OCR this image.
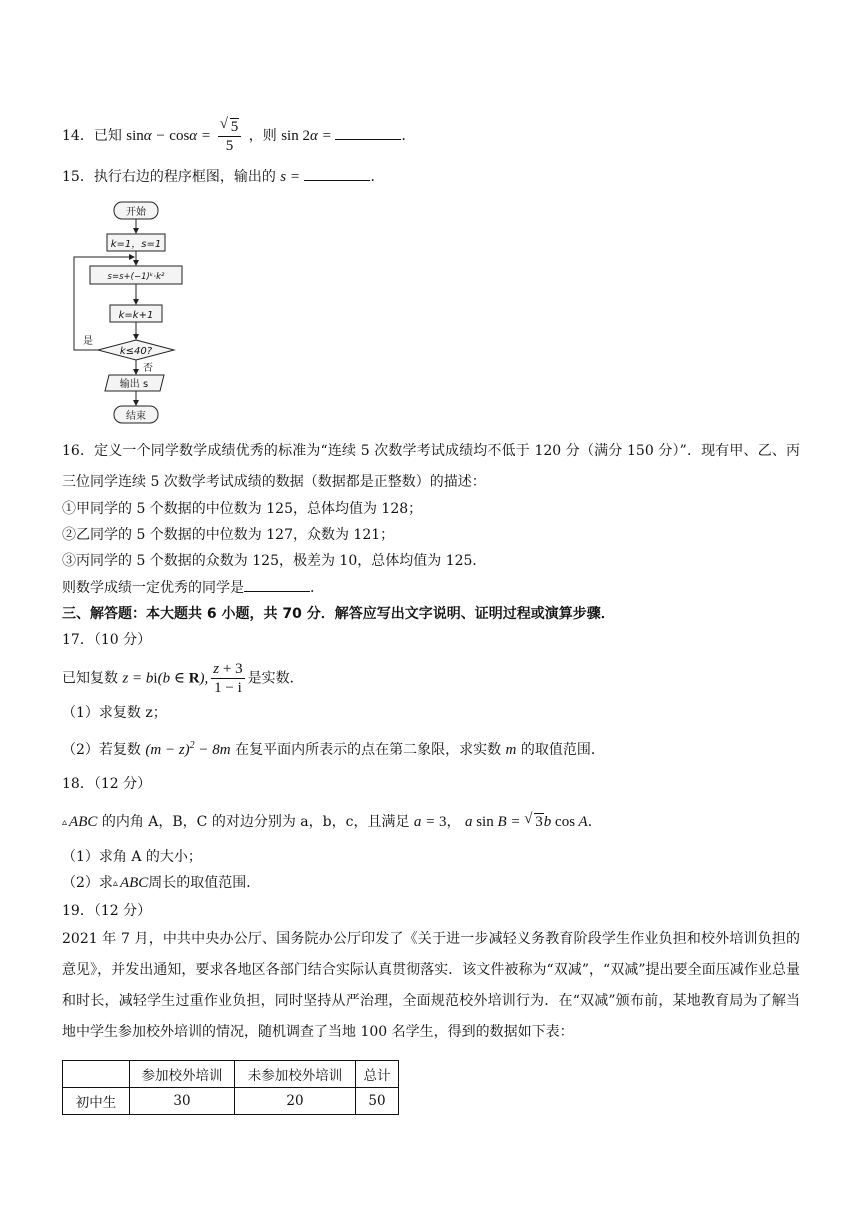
14．已知 $\sin\alpha - \cos\alpha = \frac{√ 5}{5}$ ，则 sin 2α =	．
15．执行右边的程序框图，输出的 s =	．
开始
k=1，s=1
s=s+(−1)ᵏ·k²
k=k+1
k≤40?
输出 s
结束
是
否
16．定义一个同学数学成绩优秀的标准为“连续 5 次数学考试成绩均不低于 120 分（满分 150 分）”．现有甲、乙、丙三位同学连续 5 次数学考试成绩的数据（数据都是正整数）的描述：
①甲同学的 5 个数据的中位数为 125，总体均值为 128；
②乙同学的 5 个数据的中位数为 127，众数为 121；
③丙同学的 5 个数据的众数为 125，极差为 10，总体均值为 125．
则数学成绩一定优秀的同学是	．
三、解答题：本大题共 6 小题，共 70 分．解答应写出文字说明、证明过程或演算步骤．
17．（10 分）
已知复数 z = bi(b ∈ R), $\frac{z + 3}{1 - i}$ 是实数．
（1）求复数 z；
（2）若复数 $(m - z)^2 - 8m$ 在复平面内所表示的点在第二象限，求实数 m 的取值范围．
18．（12 分）
▵ ABC 的内角 A，B，C 的对边分别为 a，b，c，且满足 a = 3， a sin B = √ 3b cos A．
（1）求角 A 的大小；
（2）求▵ ABC周长的取值范围．
19．（12 分）
2021 年 7 月，中共中央办公厅、国务院办公厅印发了《关于进一步减轻义务教育阶段学生作业负担和校外培训负担的意见》，并发出通知，要求各地区各部门结合实际认真贯彻落实．该文件被称为“双减”，“双减”提出要全面压减作业总量和时长，减轻学生过重作业负担，同时坚持从严治理，全面规范校外培训行为．在“双减”颁布前，某地教育局为了解当地中学生参加校外培训的情况，随机调查了当地 100 名学生，得到的数据如下表：
	参加校外培训	未参加校外培训	总计
初中生	30	20	50
